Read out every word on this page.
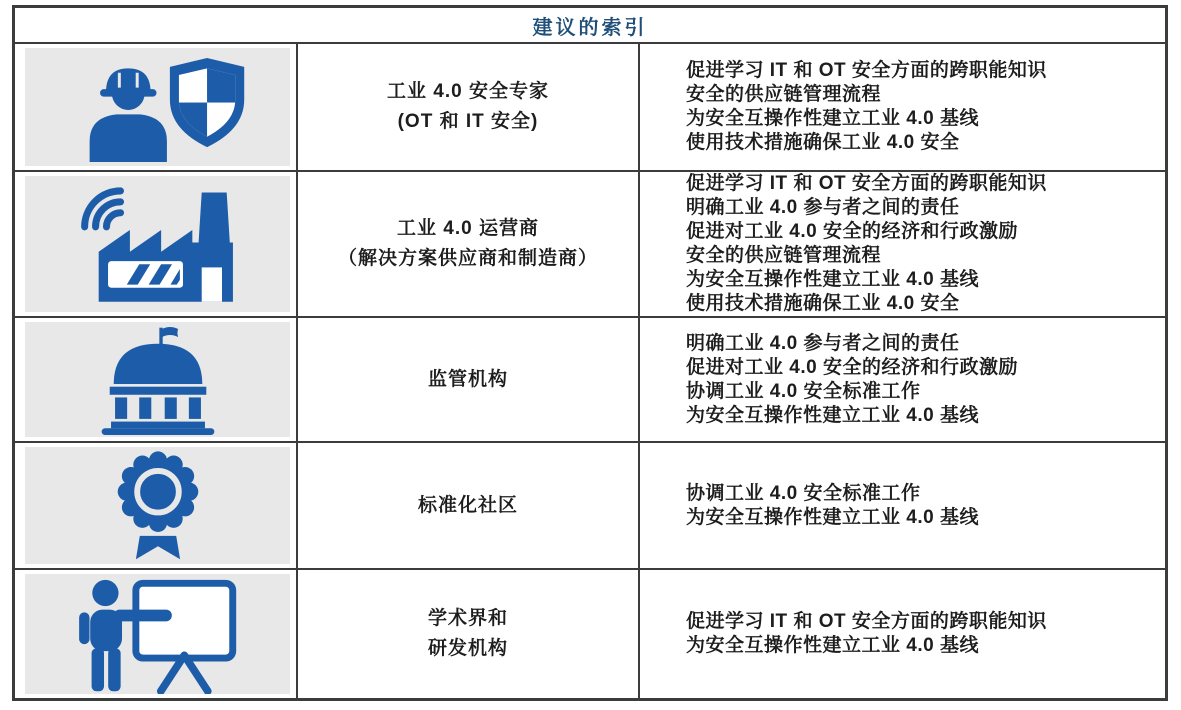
建议的索引
工业 4.0 安全专家
(OT 和 IT 安全)
促进学习 IT 和 OT 安全方面的跨职能知识
安全的供应链管理流程
为安全互操作性建立工业 4.0 基线
使用技术措施确保工业 4.0 安全
工业 4.0 运营商
（解决方案供应商和制造商）
促进学习 IT 和 OT 安全方面的跨职能知识
明确工业 4.0 参与者之间的责任
促进对工业 4.0 安全的经济和行政激励
安全的供应链管理流程
为安全互操作性建立工业 4.0 基线
使用技术措施确保工业 4.0 安全
监管机构
明确工业 4.0 参与者之间的责任
促进对工业 4.0 安全的经济和行政激励
协调工业 4.0 安全标准工作
为安全互操作性建立工业 4.0 基线
标准化社区
协调工业 4.0 安全标准工作
为安全互操作性建立工业 4.0 基线
学术界和
研发机构
促进学习 IT 和 OT 安全方面的跨职能知识
为安全互操作性建立工业 4.0 基线
